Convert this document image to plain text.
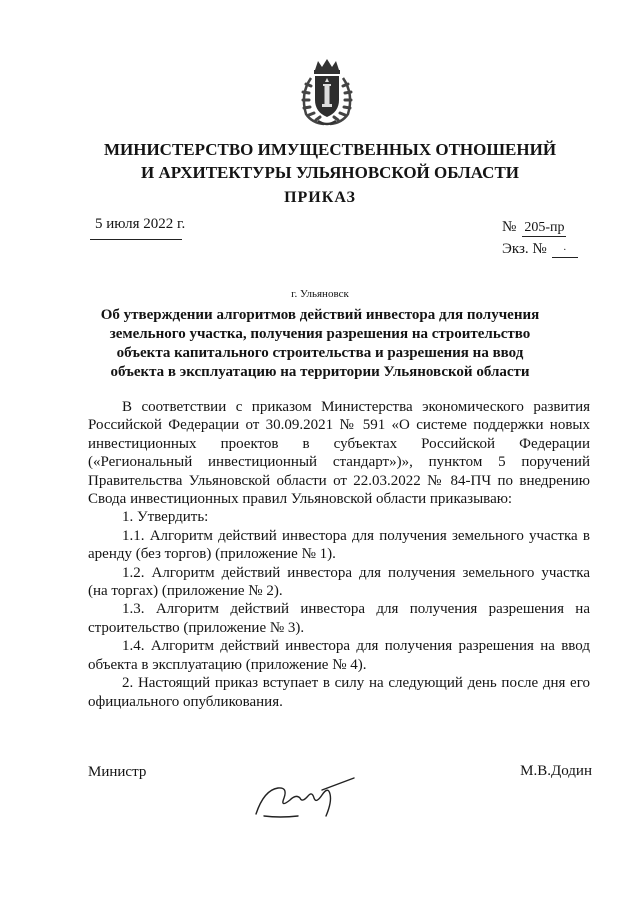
МИНИСТЕРСТВО ИМУЩЕСТВЕННЫХ ОТНОШЕНИЙ
И АРХИТЕКТУРЫ УЛЬЯНОВСКОЙ ОБЛАСТИ
ПРИКАЗ
5 июля 2022 г.	№ 205-пр
Экз. №	·
г. Ульяновск
Об утверждении алгоритмов действий инвестора для получения земельного участка, получения разрешения на строительство объекта капитального строительства и разрешения на ввод объекта в эксплуатацию на территории Ульяновской области

В соответствии с приказом Министерства экономического развития Российской Федерации от 30.09.2021 № 591 «О системе поддержки новых инвестиционных проектов в субъектах Российской Федерации («Региональный инвестиционный стандарт»)», пунктом 5 поручений Правительства Ульяновской области от 22.03.2022 № 84-ПЧ по внедрению Свода инвестиционных правил Ульяновской области приказываю:

1. Утвердить:

1.1. Алгоритм действий инвестора для получения земельного участка в аренду (без торгов) (приложение № 1).

1.2. Алгоритм действий инвестора для получения земельного участка (на торгах) (приложение № 2).

1.3. Алгоритм действий инвестора для получения разрешения на строительство (приложение № 3).

1.4. Алгоритм действий инвестора для получения разрешения на ввод объекта в эксплуатацию (приложение № 4).

2. Настоящий приказ вступает в силу на следующий день после дня его официального опубликования.

Министр	М.В.Додин
